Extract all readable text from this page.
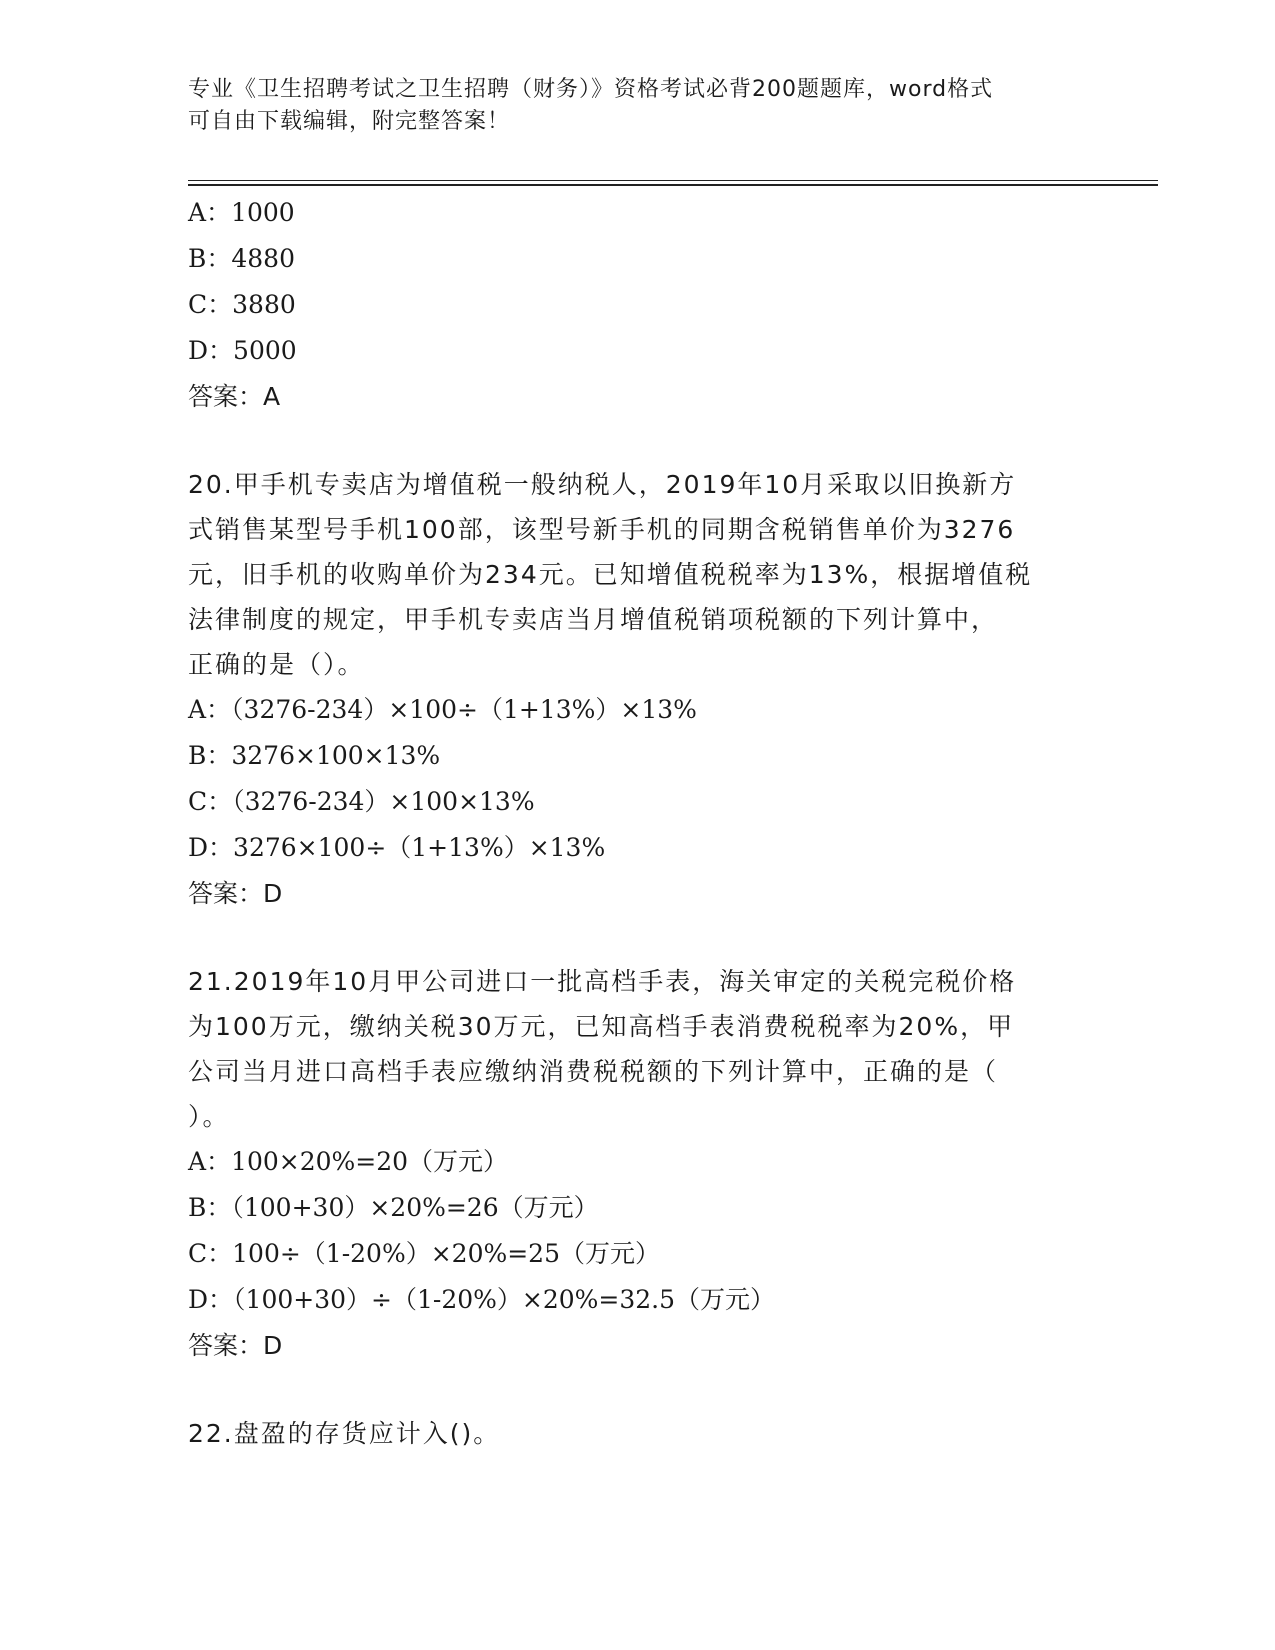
专业《卫生招聘考试之卫生招聘（财务）》资格考试必背200题题库，word格式
可自由下载编辑，附完整答案！
A：1000
B：4880
C：3880
D：5000
答案：A
20.甲手机专卖店为增值税一般纳税人，2019年10月采取以旧换新方
式销售某型号手机100部，该型号新手机的同期含税销售单价为3276
元，旧手机的收购单价为234元。已知增值税税率为13%，根据增值税
法律制度的规定，甲手机专卖店当月增值税销项税额的下列计算中，
正确的是（）。
A：（3276-234）×100÷（1+13%）×13%
B：3276×100×13%
C：（3276-234）×100×13%
D：3276×100÷（1+13%）×13%
答案：D
21.2019年10月甲公司进口一批高档手表，海关审定的关税完税价格
为100万元，缴纳关税30万元，已知高档手表消费税税率为20%，甲
公司当月进口高档手表应缴纳消费税税额的下列计算中，正确的是（
）。
A：100×20%=20（万元）
B：（100+30）×20%=26（万元）
C：100÷（1-20%）×20%=25（万元）
D：（100+30）÷（1-20%）×20%=32.5（万元）
答案：D
22.盘盈的存货应计入()。
